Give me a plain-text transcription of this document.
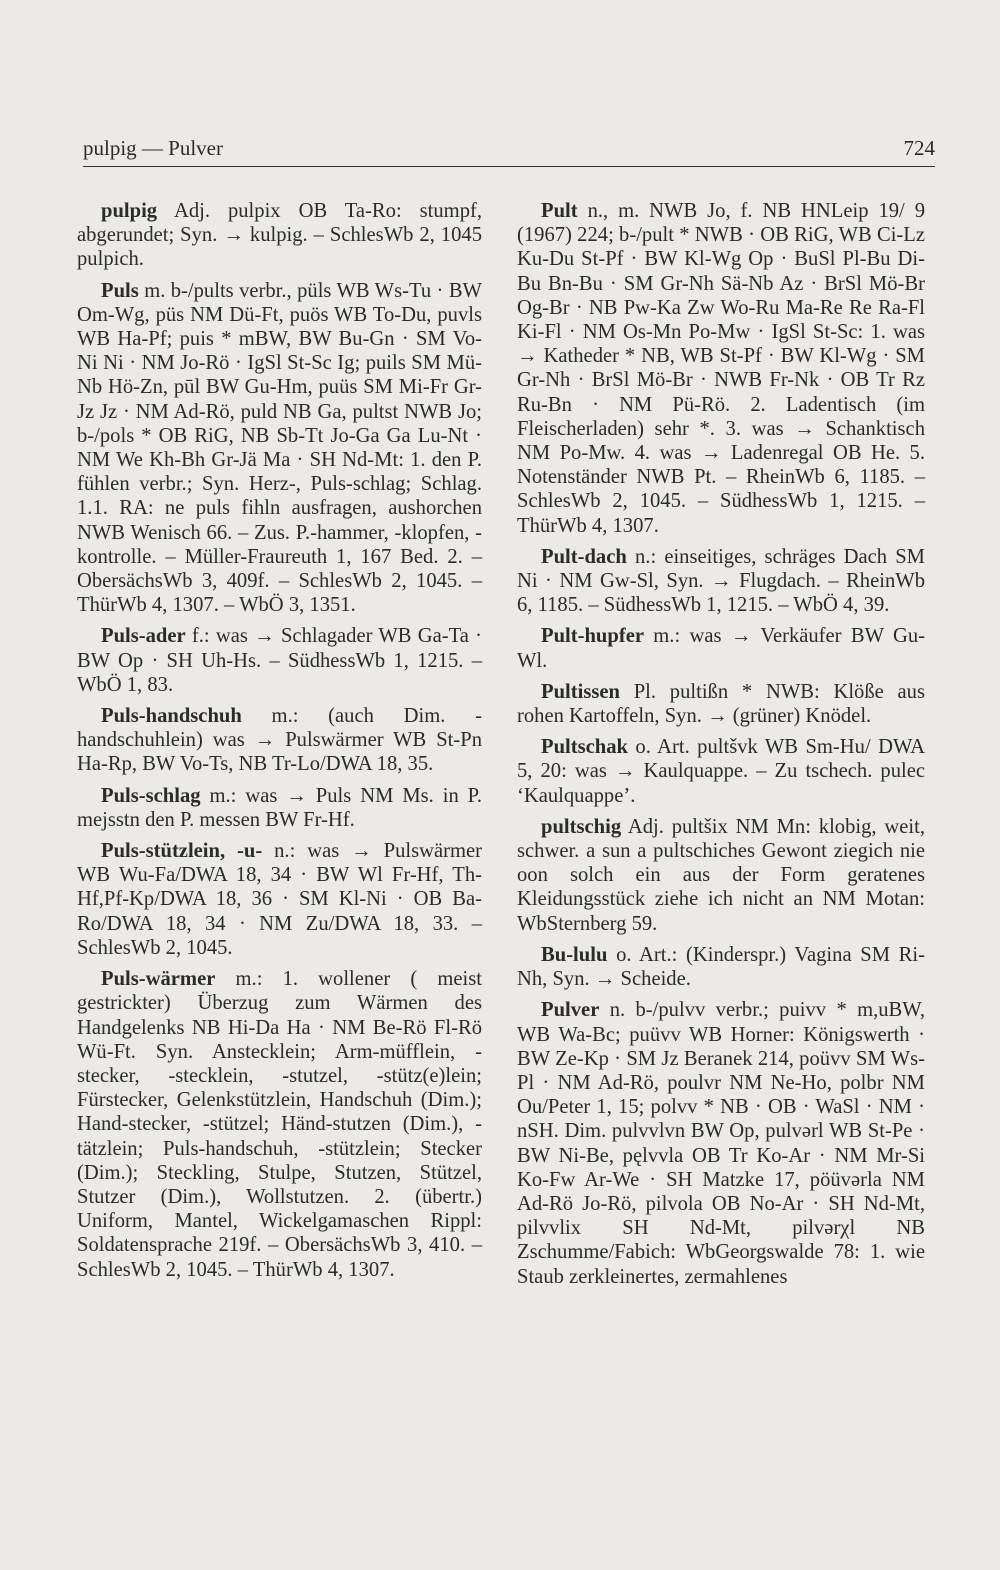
pulpig — Pulver	724

pulpig Adj. pulpix OB Ta-Ro: stumpf, abgerundet; Syn. → kulpig. – SchlesWb 2, 1045 pulpich.

Puls m. b-/pults verbr., püls WB Ws-Tu · BW Om-Wg, püs NM Dü-Ft, puös WB To-Du, puvls WB Ha-Pf; puis * mBW, BW Bu-Gn · SM Vo-Ni Ni · NM Jo-Rö · IgSl St-Sc Ig; puils SM Mü-Nb Hö-Zn, pūl BW Gu-Hm, puüs SM Mi-Fr Gr-Jz Jz · NM Ad-Rö, puld NB Ga, pultst NWB Jo; b-/pols * OB RiG, NB Sb-Tt Jo-Ga Ga Lu-Nt · NM We Kh-Bh Gr-Jä Ma · SH Nd-Mt: 1. den P. fühlen verbr.; Syn. Herz-, Puls-schlag; Schlag. 1.1. RA: ne puls fihln ausfragen, aushorchen NWB Wenisch 66. – Zus. P.-hammer, -klopfen, -kontrolle. – Müller-Fraureuth 1, 167 Bed. 2. – ObersächsWb 3, 409f. – SchlesWb 2, 1045. – ThürWb 4, 1307. – WbÖ 3, 1351.

Puls-ader f.: was → Schlagader WB Ga-Ta · BW Op · SH Uh-Hs. – SüdhessWb 1, 1215. – WbÖ 1, 83.

Puls-handschuh m.: (auch Dim. -handschuhlein) was → Pulswärmer WB St-Pn Ha-Rp, BW Vo-Ts, NB Tr-Lo/DWA 18, 35.

Puls-schlag m.: was → Puls NM Ms. in P. mejsstn den P. messen BW Fr-Hf.

Puls-stützlein, -u- n.: was → Pulswärmer WB Wu-Fa/DWA 18, 34 · BW Wl Fr-Hf, Th-Hf,Pf-Kp/DWA 18, 36 · SM Kl-Ni · OB Ba-Ro/DWA 18, 34 · NM Zu/DWA 18, 33. – SchlesWb 2, 1045.

Puls-wärmer m.: 1. wollener ( meist gestrickter) Überzug zum Wärmen des Handgelenks NB Hi-Da Ha · NM Be-Rö Fl-Rö Wü-Ft. Syn. Anstecklein; Arm-müfflein, -stecker, -stecklein, -stutzel, -stütz(e)lein; Fürstecker, Gelenkstützlein, Handschuh (Dim.); Hand-stecker, -stützel; Händ-stutzen (Dim.), -tätzlein; Puls-handschuh, -stützlein; Stecker (Dim.); Steckling, Stulpe, Stutzen, Stützel, Stutzer (Dim.), Wollstutzen. 2. (übertr.) Uniform, Mantel, Wickelgamaschen Rippl: Soldatensprache 219f. – ObersächsWb 3, 410. – SchlesWb 2, 1045. – ThürWb 4, 1307.

Pult n., m. NWB Jo, f. NB HNLeip 19/ 9 (1967) 224; b-/pult * NWB · OB RiG, WB Ci-Lz Ku-Du St-Pf · BW Kl-Wg Op · BuSl Pl-Bu Di-Bu Bn-Bu · SM Gr-Nh Sä-Nb Az · BrSl Mö-Br Og-Br · NB Pw-Ka Zw Wo-Ru Ma-Re Re Ra-Fl Ki-Fl · NM Os-Mn Po-Mw · IgSl St-Sc: 1. was → Katheder * NB, WB St-Pf · BW Kl-Wg · SM Gr-Nh · BrSl Mö-Br · NWB Fr-Nk · OB Tr Rz Ru-Bn · NM Pü-Rö. 2. Ladentisch (im Fleischerladen) sehr *. 3. was → Schanktisch NM Po-Mw. 4. was → Ladenregal OB He. 5. Notenständer NWB Pt. – RheinWb 6, 1185. – SchlesWb 2, 1045. – SüdhessWb 1, 1215. – ThürWb 4, 1307.

Pult-dach n.: einseitiges, schräges Dach SM Ni · NM Gw-Sl, Syn. → Flugdach. – RheinWb 6, 1185. – SüdhessWb 1, 1215. – WbÖ 4, 39.

Pult-hupfer m.: was → Verkäufer BW Gu-Wl.

Pultissen Pl. pultißn * NWB: Klöße aus rohen Kartoffeln, Syn. → (grüner) Knödel.

Pultschak o. Art. pultšvk WB Sm-Hu/ DWA 5, 20: was → Kaulquappe. – Zu tschech. pulec ‘Kaulquappe’.

pultschig Adj. pultšix NM Mn: klobig, weit, schwer. a sun a pultschiches Gewont ziegich nie oon solch ein aus der Form geratenes Kleidungsstück ziehe ich nicht an NM Motan: WbSternberg 59.

Bu-lulu o. Art.: (Kinderspr.) Vagina SM Ri-Nh, Syn. → Scheide.

Pulver n. b-/pulvv verbr.; puivv * m,uBW, WB Wa-Bc; puüvv WB Horner: Königswerth · BW Ze-Kp · SM Jz Beranek 214, poüvv SM Ws-Pl · NM Ad-Rö, poulvr NM Ne-Ho, polbr NM Ou/Peter 1, 15; polvv * NB · OB · WaSl · NM · nSH. Dim. pulvvlvn BW Op, pulvərl WB St-Pe · BW Ni-Be, pęlvvla OB Tr Ko-Ar · NM Mr-Si Ko-Fw Ar-We · SH Matzke 17, pöüvərla NM Ad-Rö Jo-Rö, pilvola OB No-Ar · SH Nd-Mt, pilvvlix SH Nd-Mt, pilvərχl NB Zschumme/Fabich: WbGeorgswalde 78: 1. wie Staub zerkleinertes, zermahlenes
